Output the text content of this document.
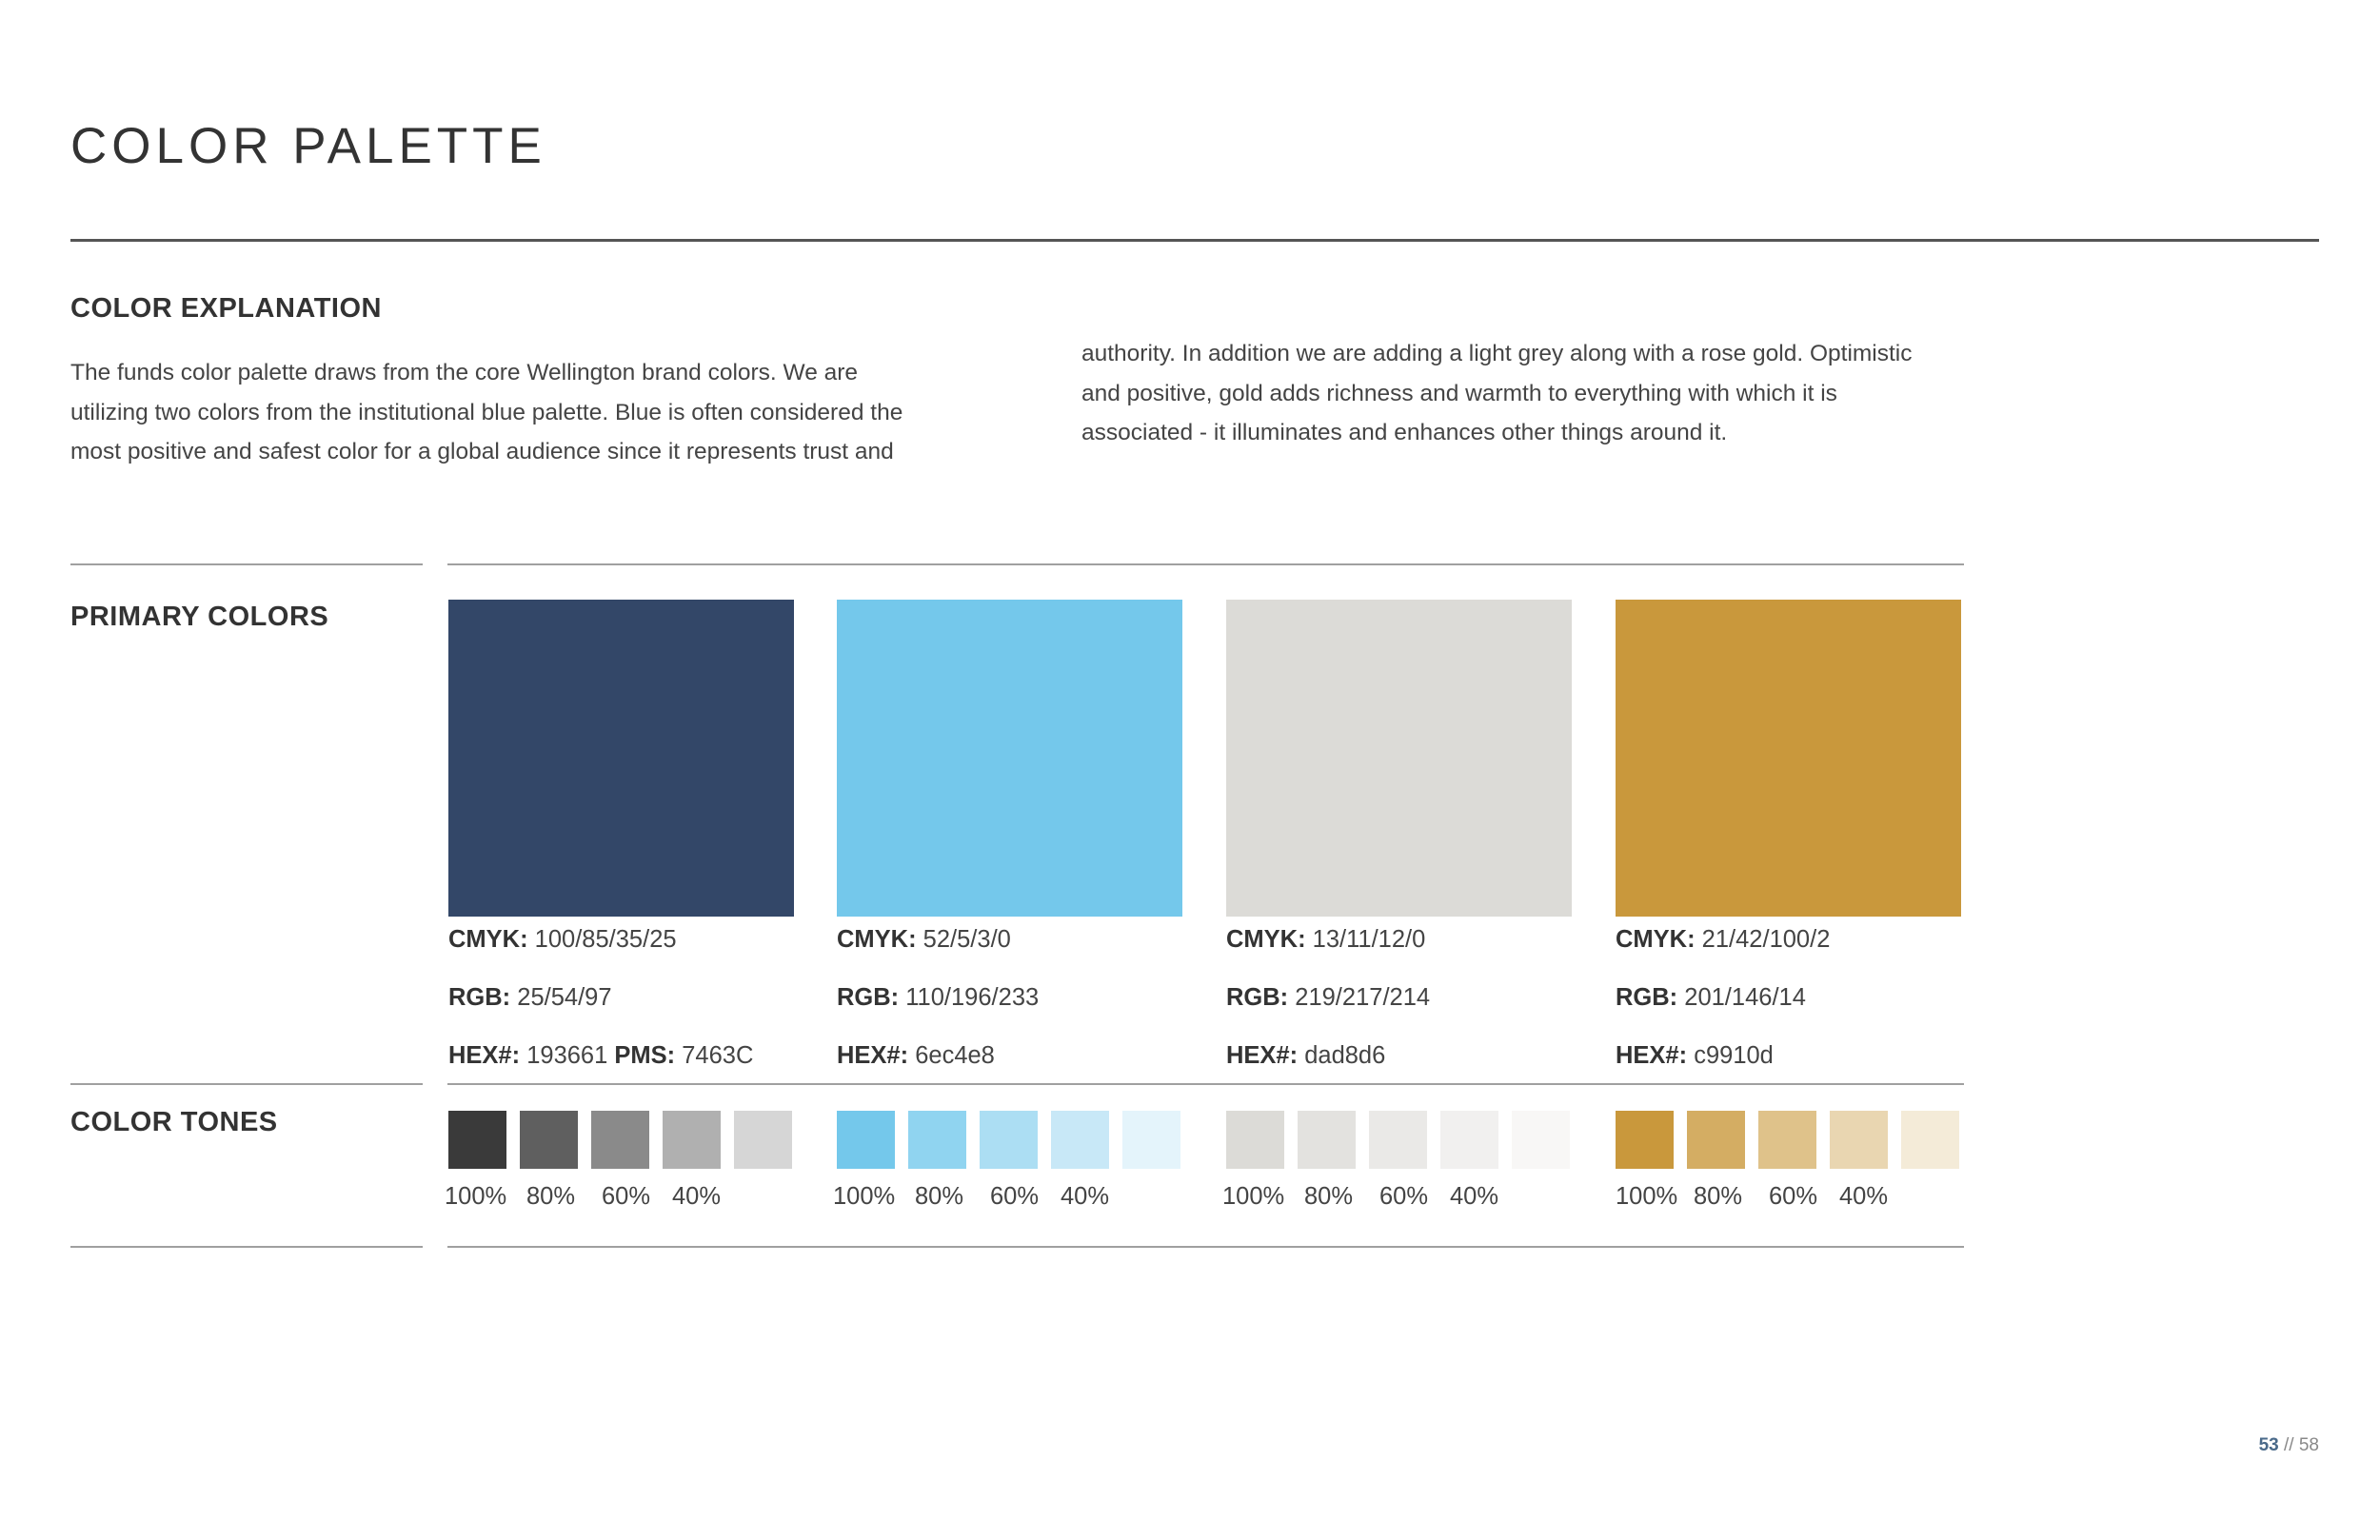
COLOR PALETTE
COLOR EXPLANATION

The funds color palette draws from the core Wellington brand colors. We are

utilizing two colors from the institutional blue palette. Blue is often considered the

most positive and safest color for a global audience since it represents trust and

authority. In addition we are adding a light grey along with a rose gold. Optimistic

and positive, gold adds richness and warmth to everything with which it is

associated - it illuminates and enhances other things around it.

PRIMARY COLORS
CMYK: 100/85/35/25
RGB: 25/54/97
HEX#: 193661 PMS: 7463C
CMYK: 52/5/3/0
RGB: 110/196/233
HEX#: 6ec4e8
CMYK: 13/11/12/0
RGB: 219/217/214
HEX#: dad8d6
CMYK: 21/42/100/2
RGB: 201/146/14
HEX#: c9910d
COLOR TONES
100% 80% 60% 40%	100% 80% 60% 40%	100% 80% 60% 40%	100% 80% 60% 40%
53 // 58
